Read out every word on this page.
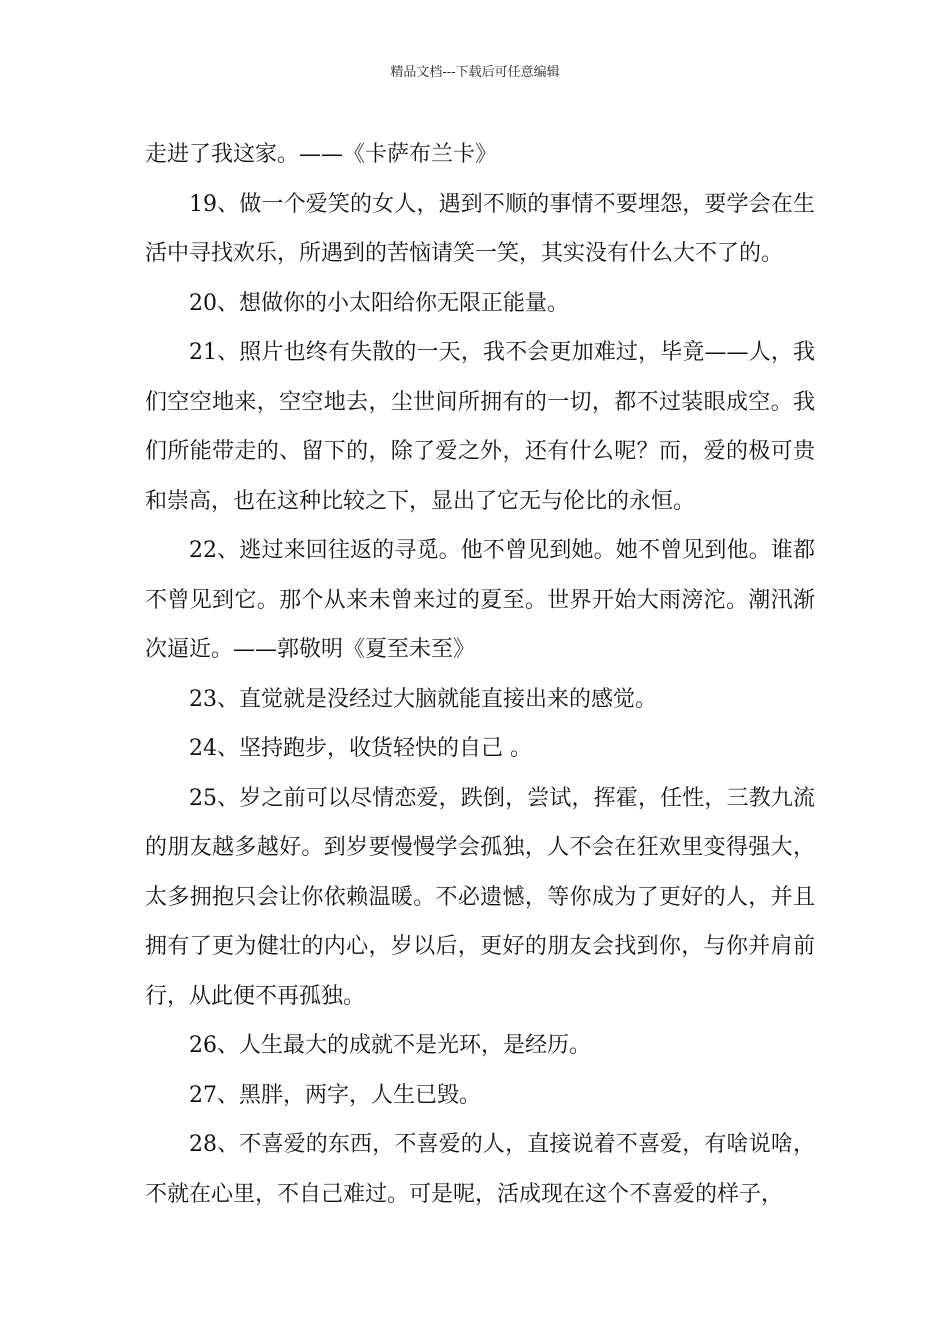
精品文档---下载后可任意编辑

走进了我这家。——《卡萨布兰卡》

19、做一个爱笑的女人，遇到不顺的事情不要埋怨，要学会在生活中寻找欢乐，所遇到的苦恼请笑一笑，其实没有什么大不了的。

20、想做你的小太阳给你无限正能量。

21、照片也终有失散的一天，我不会更加难过，毕竟——人，我们空空地来，空空地去，尘世间所拥有的一切，都不过装眼成空。我们所能带走的、留下的，除了爱之外，还有什么呢？而，爱的极可贵和崇高，也在这种比较之下，显出了它无与伦比的永恒。

22、逃过来回往返的寻觅。他不曾见到她。她不曾见到他。谁都不曾见到它。那个从来未曾来过的夏至。世界开始大雨滂沱。潮汛渐次逼近。——郭敬明《夏至未至》

23、直觉就是没经过大脑就能直接出来的感觉。

24、坚持跑步，收货轻快的自己 。

25、岁之前可以尽情恋爱，跌倒，尝试，挥霍，任性，三教九流的朋友越多越好。到岁要慢慢学会孤独，人不会在狂欢里变得强大，太多拥抱只会让你依赖温暖。不必遗憾，等你成为了更好的人，并且拥有了更为健壮的内心，岁以后，更好的朋友会找到你，与你并肩前行，从此便不再孤独。

26、人生最大的成就不是光环，是经历。

27、黑胖，两字，人生已毁。

28、不喜爱的东西，不喜爱的人，直接说着不喜爱，有啥说啥，不就在心里，不自己难过。可是呢，活成现在这个不喜爱的样子，
